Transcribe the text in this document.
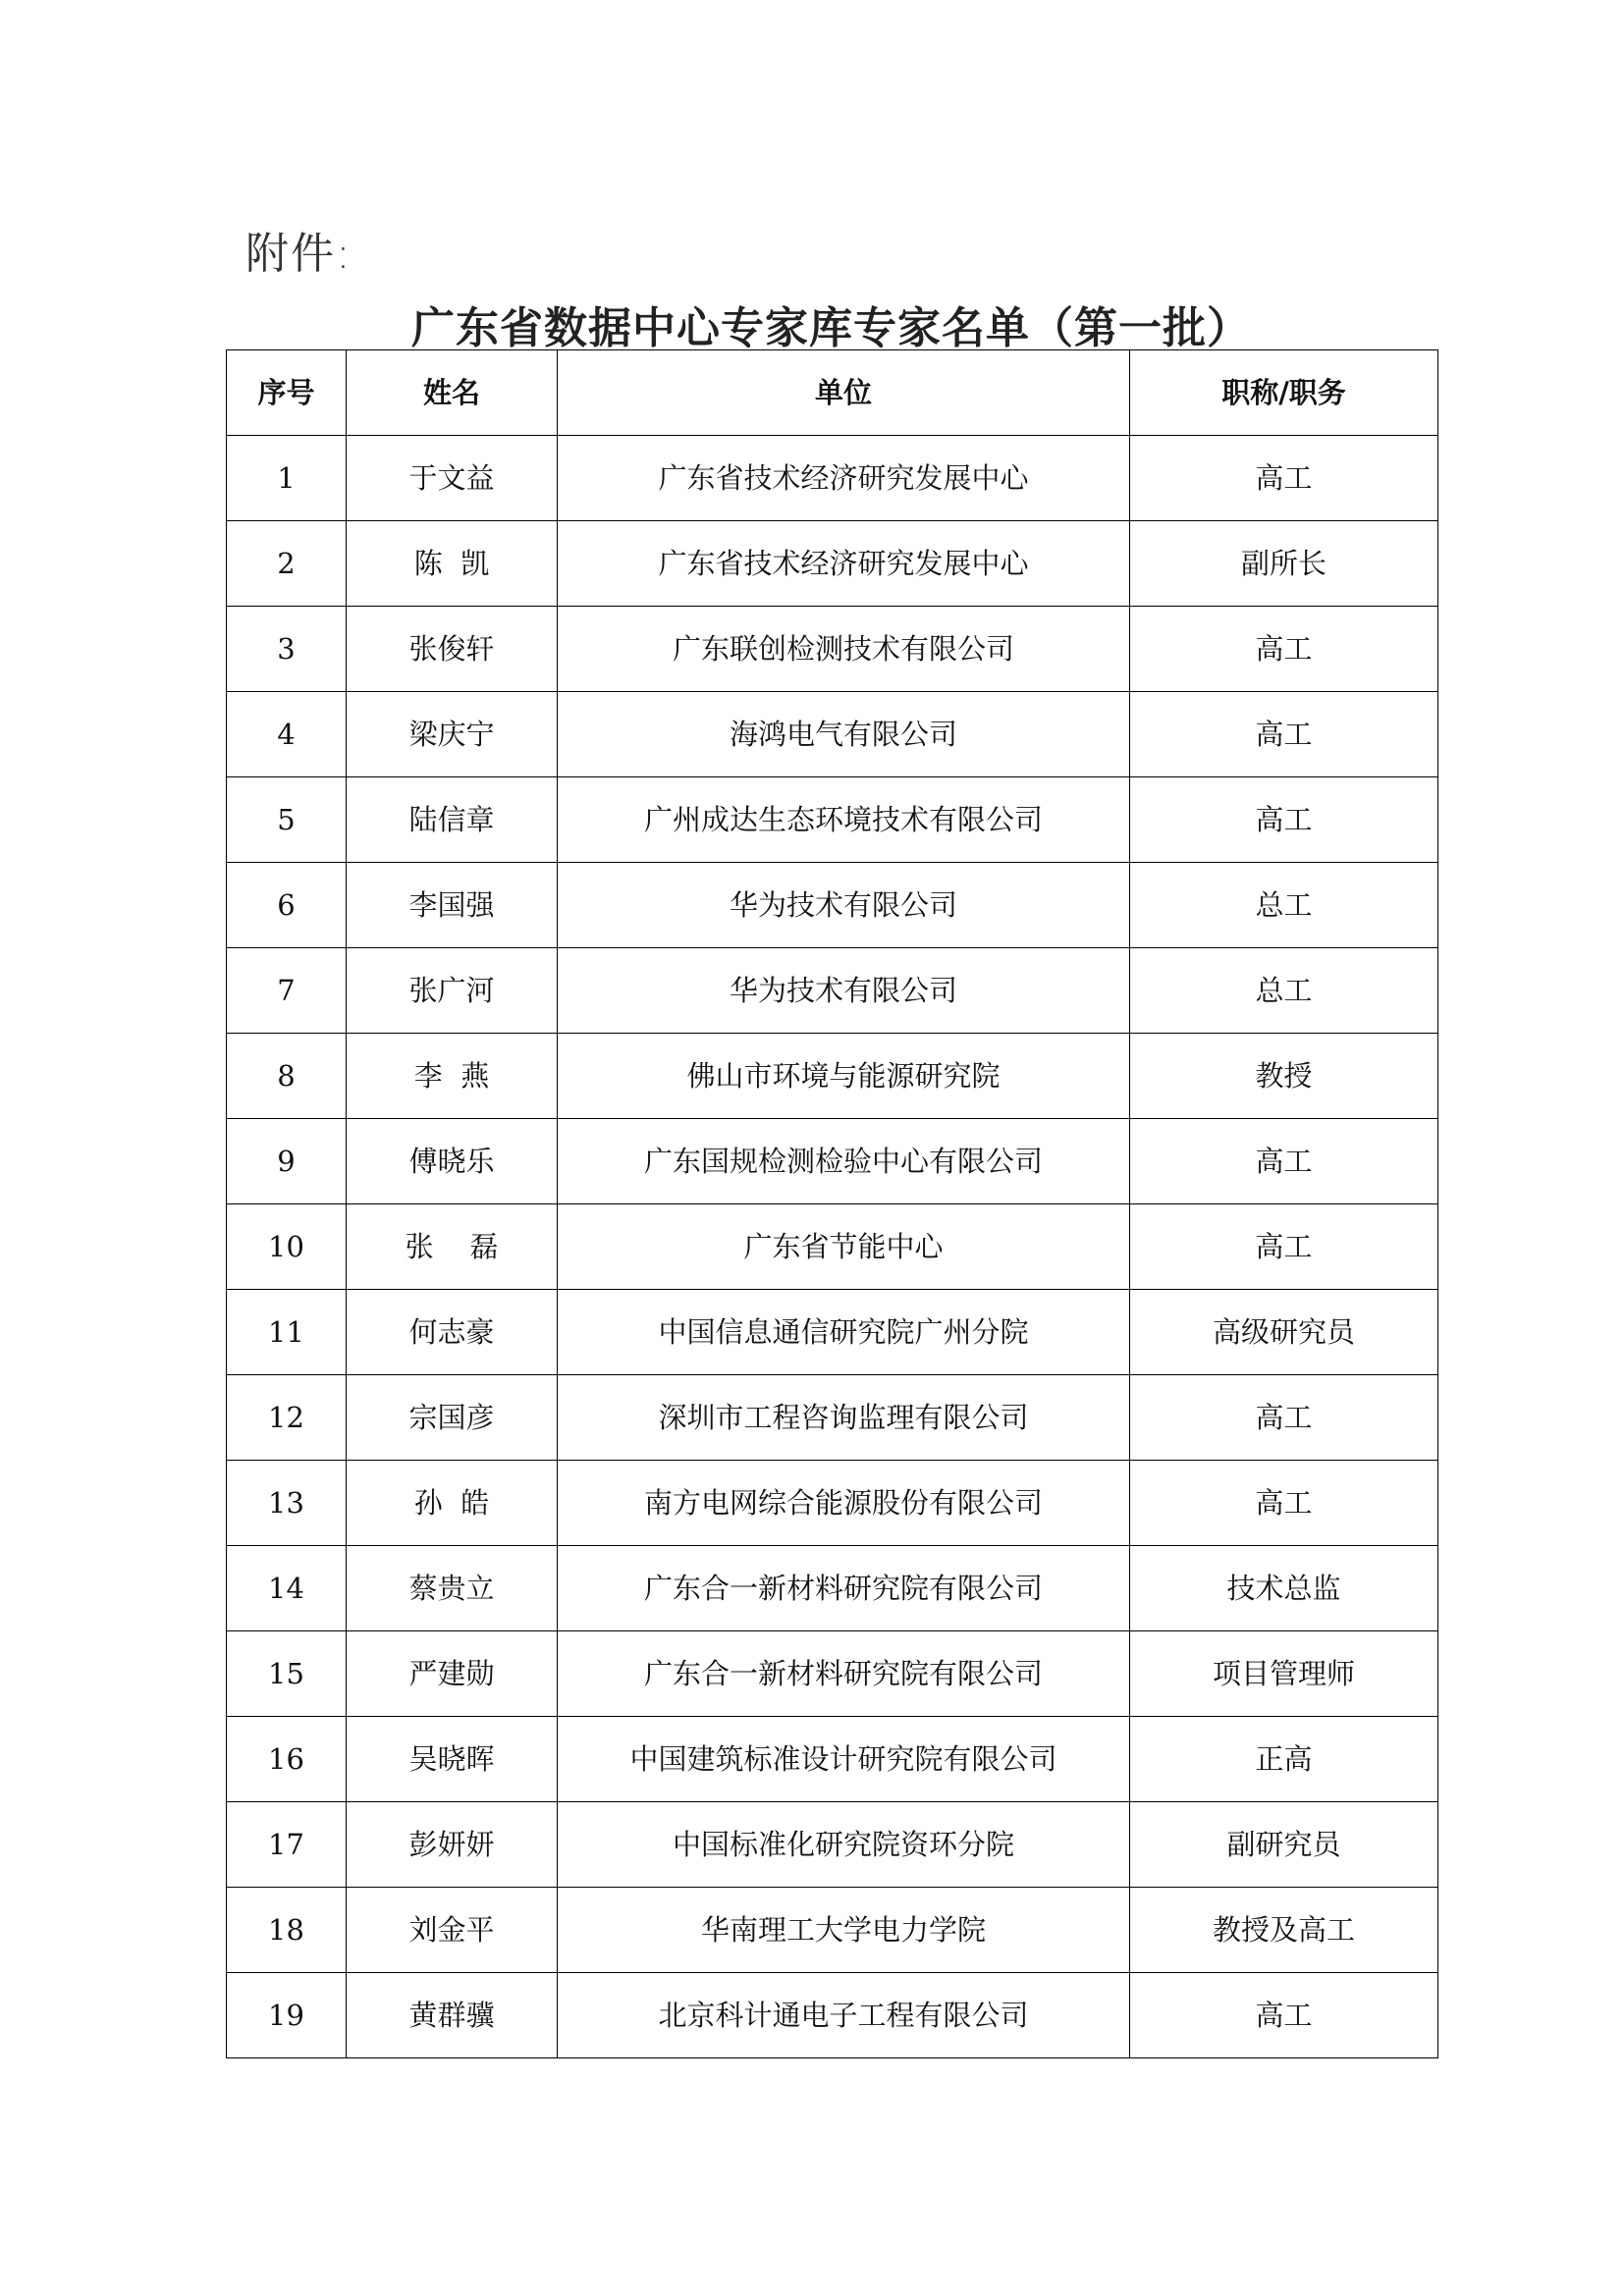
附件:
广东省数据中心专家库专家名单（第一批）
序号	姓名	单位	职称/职务
1	于文益	广东省技术经济研究发展中心	高工
2	陈  凯	广东省技术经济研究发展中心	副所长
3	张俊轩	广东联创检测技术有限公司	高工
4	梁庆宁	海鸿电气有限公司	高工
5	陆信章	广州成达生态环境技术有限公司	高工
6	李国强	华为技术有限公司	总工
7	张广河	华为技术有限公司	总工
8	李  燕	佛山市环境与能源研究院	教授
9	傅晓乐	广东国规检测检验中心有限公司	高工
10	张    磊	广东省节能中心	高工
11	何志豪	中国信息通信研究院广州分院	高级研究员
12	宗国彦	深圳市工程咨询监理有限公司	高工
13	孙  皓	南方电网综合能源股份有限公司	高工
14	蔡贵立	广东合一新材料研究院有限公司	技术总监
15	严建勋	广东合一新材料研究院有限公司	项目管理师
16	吴晓晖	中国建筑标准设计研究院有限公司	正高
17	彭妍妍	中国标准化研究院资环分院	副研究员
18	刘金平	华南理工大学电力学院	教授及高工
19	黄群骥	北京科计通电子工程有限公司	高工
